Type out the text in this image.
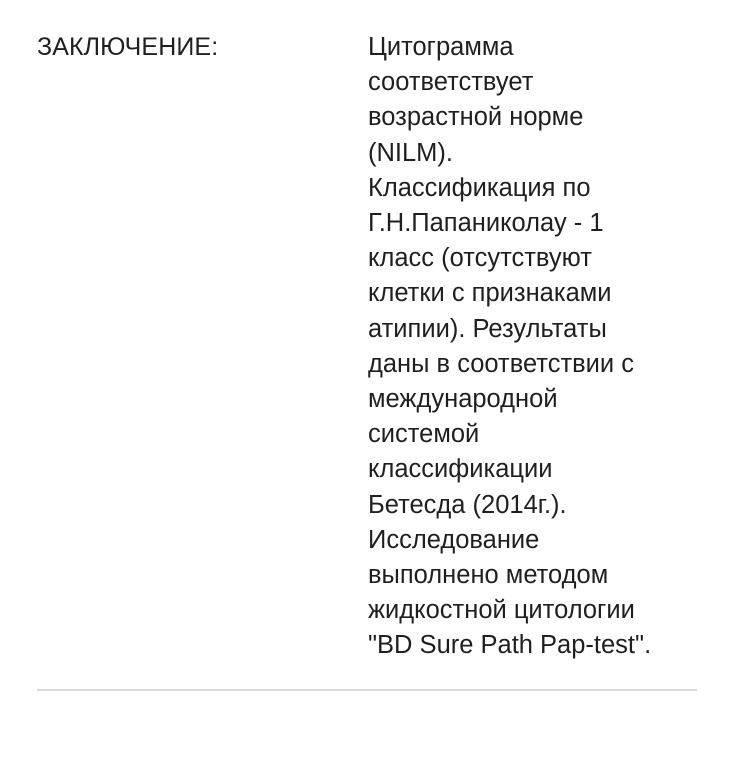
ЗАКЛЮЧЕНИЕ:	Цитограмма
соответствует
возрастной норме
(NILM).
Классификация по
Г.Н.Папаниколау - 1
класс (отсутствуют
клетки с признаками
атипии). Результаты
даны в соответствии с
международной
системой
классификации
Бетесда (2014г.).
Исследование
выполнено методом
жидкостной цитологии
"BD Sure Path Pap-test".
